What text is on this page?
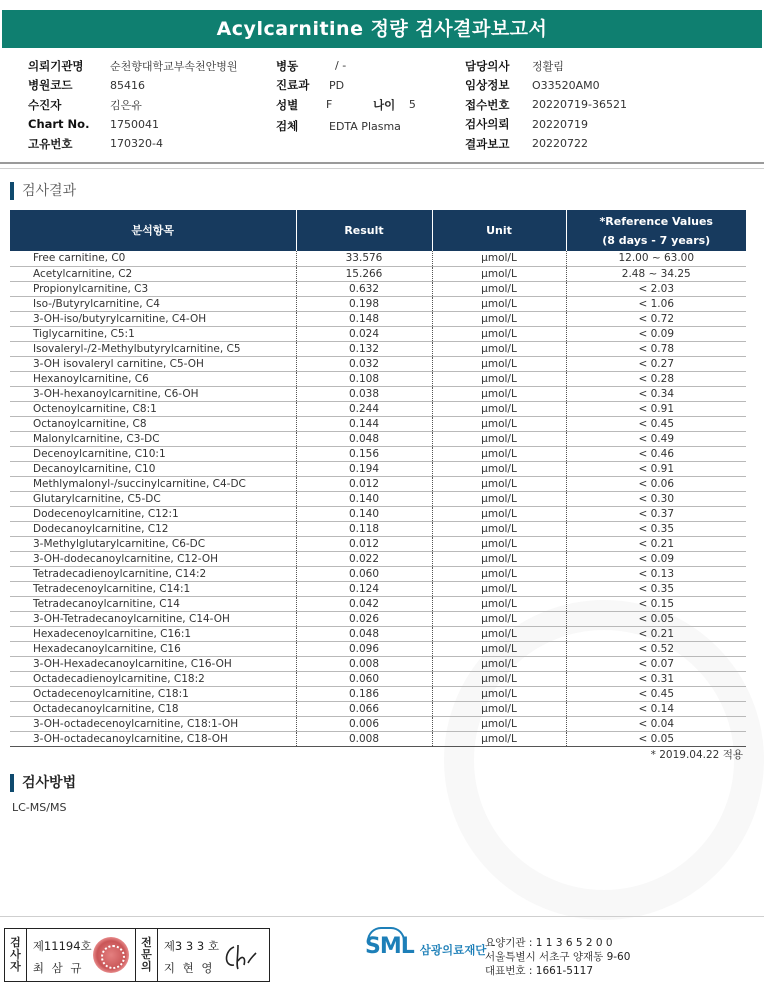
Acylcarnitine 정량 검사결과보고서
의뢰기관명	순천향대학교부속천안병원
병원코드	85416
수진자	김은유
Chart No.	1750041
고유번호	170320-4
병동	/ -
진료과	PD
성별	F	나이	5
검체	EDTA Plasma
담당의사	정활림
임상정보	O33520AM0
접수번호	20220719-36521
검사의뢰	20220719
결과보고	20220722
검사결과
분석항목	Result	Unit	*Reference Values
(8 days - 7 years)

Free carnitine, C0	33.576	μmol/L	12.00 ~ 63.00
Acetylcarnitine, C2	15.266	μmol/L	2.48 ~ 34.25
Propionylcarnitine, C3	0.632	μmol/L	< 2.03
Iso-/Butyrylcarnitine, C4	0.198	μmol/L	< 1.06
3-OH-iso/butyrylcarnitine, C4-OH	0.148	μmol/L	< 0.72
Tiglycarnitine, C5:1	0.024	μmol/L	< 0.09
Isovaleryl-/2-Methylbutyrylcarnitine, C5	0.132	μmol/L	< 0.78
3-OH isovaleryl carnitine, C5-OH	0.032	μmol/L	< 0.27
Hexanoylcarnitine, C6	0.108	μmol/L	< 0.28
3-OH-hexanoylcarnitine, C6-OH	0.038	μmol/L	< 0.34
Octenoylcarnitine, C8:1	0.244	μmol/L	< 0.91
Octanoylcarnitine, C8	0.144	μmol/L	< 0.45
Malonylcarnitine, C3-DC	0.048	μmol/L	< 0.49
Decenoylcarnitine, C10:1	0.156	μmol/L	< 0.46
Decanoylcarnitine, C10	0.194	μmol/L	< 0.91
Methlymalonyl-/succinylcarnitine, C4-DC	0.012	μmol/L	< 0.06
Glutarylcarnitine, C5-DC	0.140	μmol/L	< 0.30
Dodecenoylcarnitine, C12:1	0.140	μmol/L	< 0.37
Dodecanoylcarnitine, C12	0.118	μmol/L	< 0.35
3-Methylglutarylcarnitine, C6-DC	0.012	μmol/L	< 0.21
3-OH-dodecanoylcarnitine, C12-OH	0.022	μmol/L	< 0.09
Tetradecadienoylcarnitine, C14:2	0.060	μmol/L	< 0.13
Tetradecenoylcarnitine, C14:1	0.124	μmol/L	< 0.35
Tetradecanoylcarnitine, C14	0.042	μmol/L	< 0.15
3-OH-Tetradecanoylcarnitine, C14-OH	0.026	μmol/L	< 0.05
Hexadecenoylcarnitine, C16:1	0.048	μmol/L	< 0.21
Hexadecanoylcarnitine, C16	0.096	μmol/L	< 0.52
3-OH-Hexadecanoylcarnitine, C16-OH	0.008	μmol/L	< 0.07
Octadecadienoylcarnitine, C18:2	0.060	μmol/L	< 0.31
Octadecenoylcarnitine, C18:1	0.186	μmol/L	< 0.45
Octadecanoylcarnitine, C18	0.066	μmol/L	< 0.14
3-OH-octadecenoylcarnitine, C18:1-OH	0.006	μmol/L	< 0.04
3-OH-octadecanoylcarnitine, C18-OH	0.008	μmol/L	< 0.05
* 2019.04.22 적용
검사방법
LC-MS/MS
검
사
자
제11194호
최 삼 규
전
문
의
제3 3 3 호
지 현 영
SML 삼광의료재단
요양기관 : 1 1 3 6 5 2 0 0
서울특별시 서초구 양재동 9-60
대표번호 : 1661-5117
